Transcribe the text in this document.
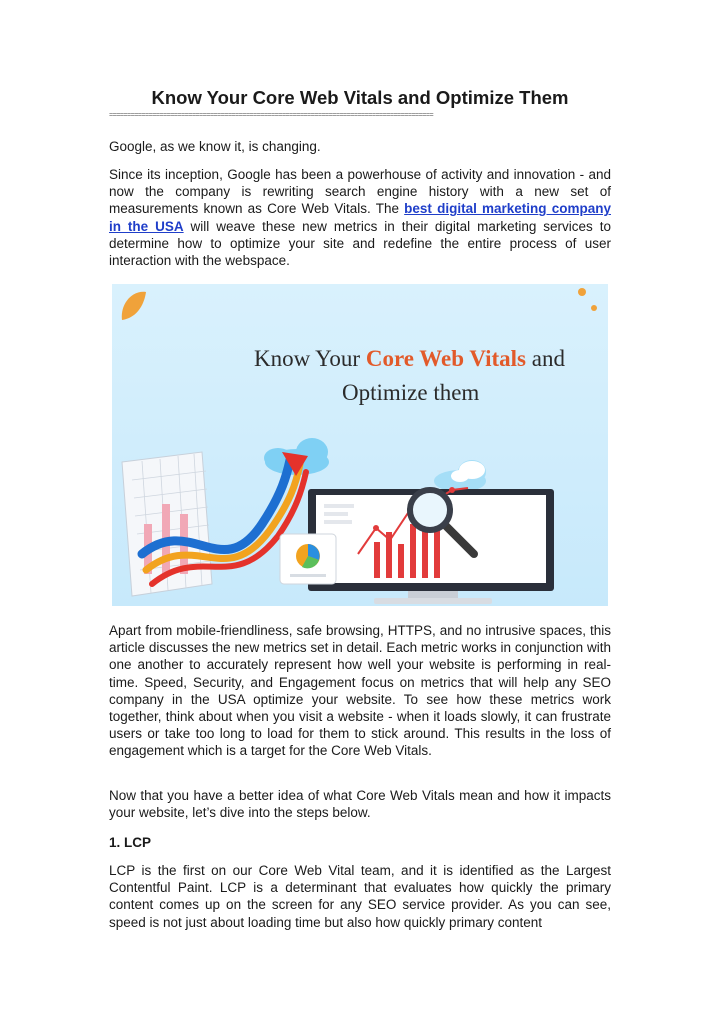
Know Your Core Web Vitals and Optimize Them
==========================================================================================

Google, as we know it, is changing.

Since its inception, Google has been a powerhouse of activity and innovation - and now the company is rewriting search engine history with a new set of measurements known as Core Web Vitals. The best digital marketing company in the USA will weave these new metrics in their digital marketing services to determine how to optimize your site and redefine the entire process of user interaction with the webspace.

Know Your Core Web Vitals and
Optimize them

Apart from mobile-friendliness, safe browsing, HTTPS, and no intrusive spaces, this article discusses the new metrics set in detail. Each metric works in conjunction with one another to accurately represent how well your website is performing in real-time. Speed, Security, and Engagement focus on metrics that will help any SEO company in the USA optimize your website. To see how these metrics work together, think about when you visit a website - when it loads slowly, it can frustrate users or take too long to load for them to stick around. This results in the loss of engagement which is a target for the Core Web Vitals.

Now that you have a better idea of what Core Web Vitals mean and how it impacts your website, let’s dive into the steps below.

1. LCP

LCP is the first on our Core Web Vital team, and it is identified as the Largest Contentful Paint. LCP is a determinant that evaluates how quickly the primary content comes up on the screen for any SEO service provider. As you can see, speed is not just about loading time but also how quickly primary content
